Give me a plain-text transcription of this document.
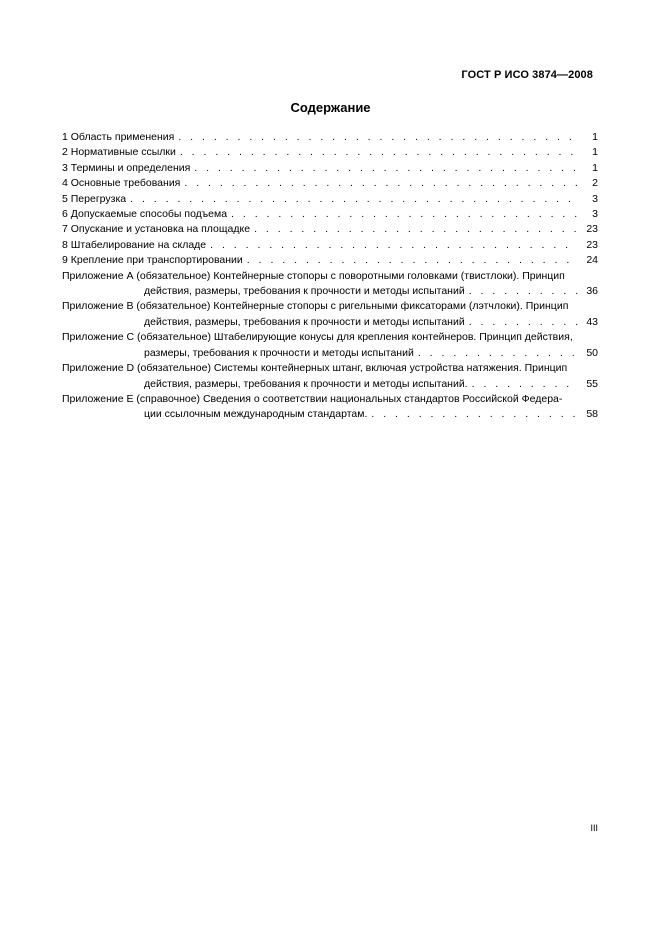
ГОСТ Р ИСО 3874—2008
Содержание
1 Область применения . . .	1
2 Нормативные ссылки . . .	1
3 Термины и определения . . .	1
4 Основные требования . . .	2
5 Перегрузка . . .	3
6 Допускаемые способы подъема . . .	3
7 Опускание и установка на площадке . . .	23
8 Штабелирование на складе . . .	23
9 Крепление при транспортировании . . .	24
Приложение А (обязательное) Контейнерные стопоры с поворотными головками (твистлоки). Принцип
действия, размеры, требования к прочности и методы испытаний . . .	36
Приложение В (обязательное) Контейнерные стопоры с ригельными фиксаторами (лэтчлоки). Принцип
действия, размеры, требования к прочности и методы испытаний . . .	43
Приложение С (обязательное) Штабелирующие конусы для крепления контейнеров. Принцип действия,
размеры, требования к прочности и методы испытаний . . .	50
Приложение D (обязательное) Системы контейнерных штанг, включая устройства натяжения. Принцип
действия, размеры, требования к прочности и методы испытаний. . . .	55
Приложение Е (справочное) Сведения о соответствии национальных стандартов Российской Федера-
ции ссылочным международным стандартам. . . .	58
III
